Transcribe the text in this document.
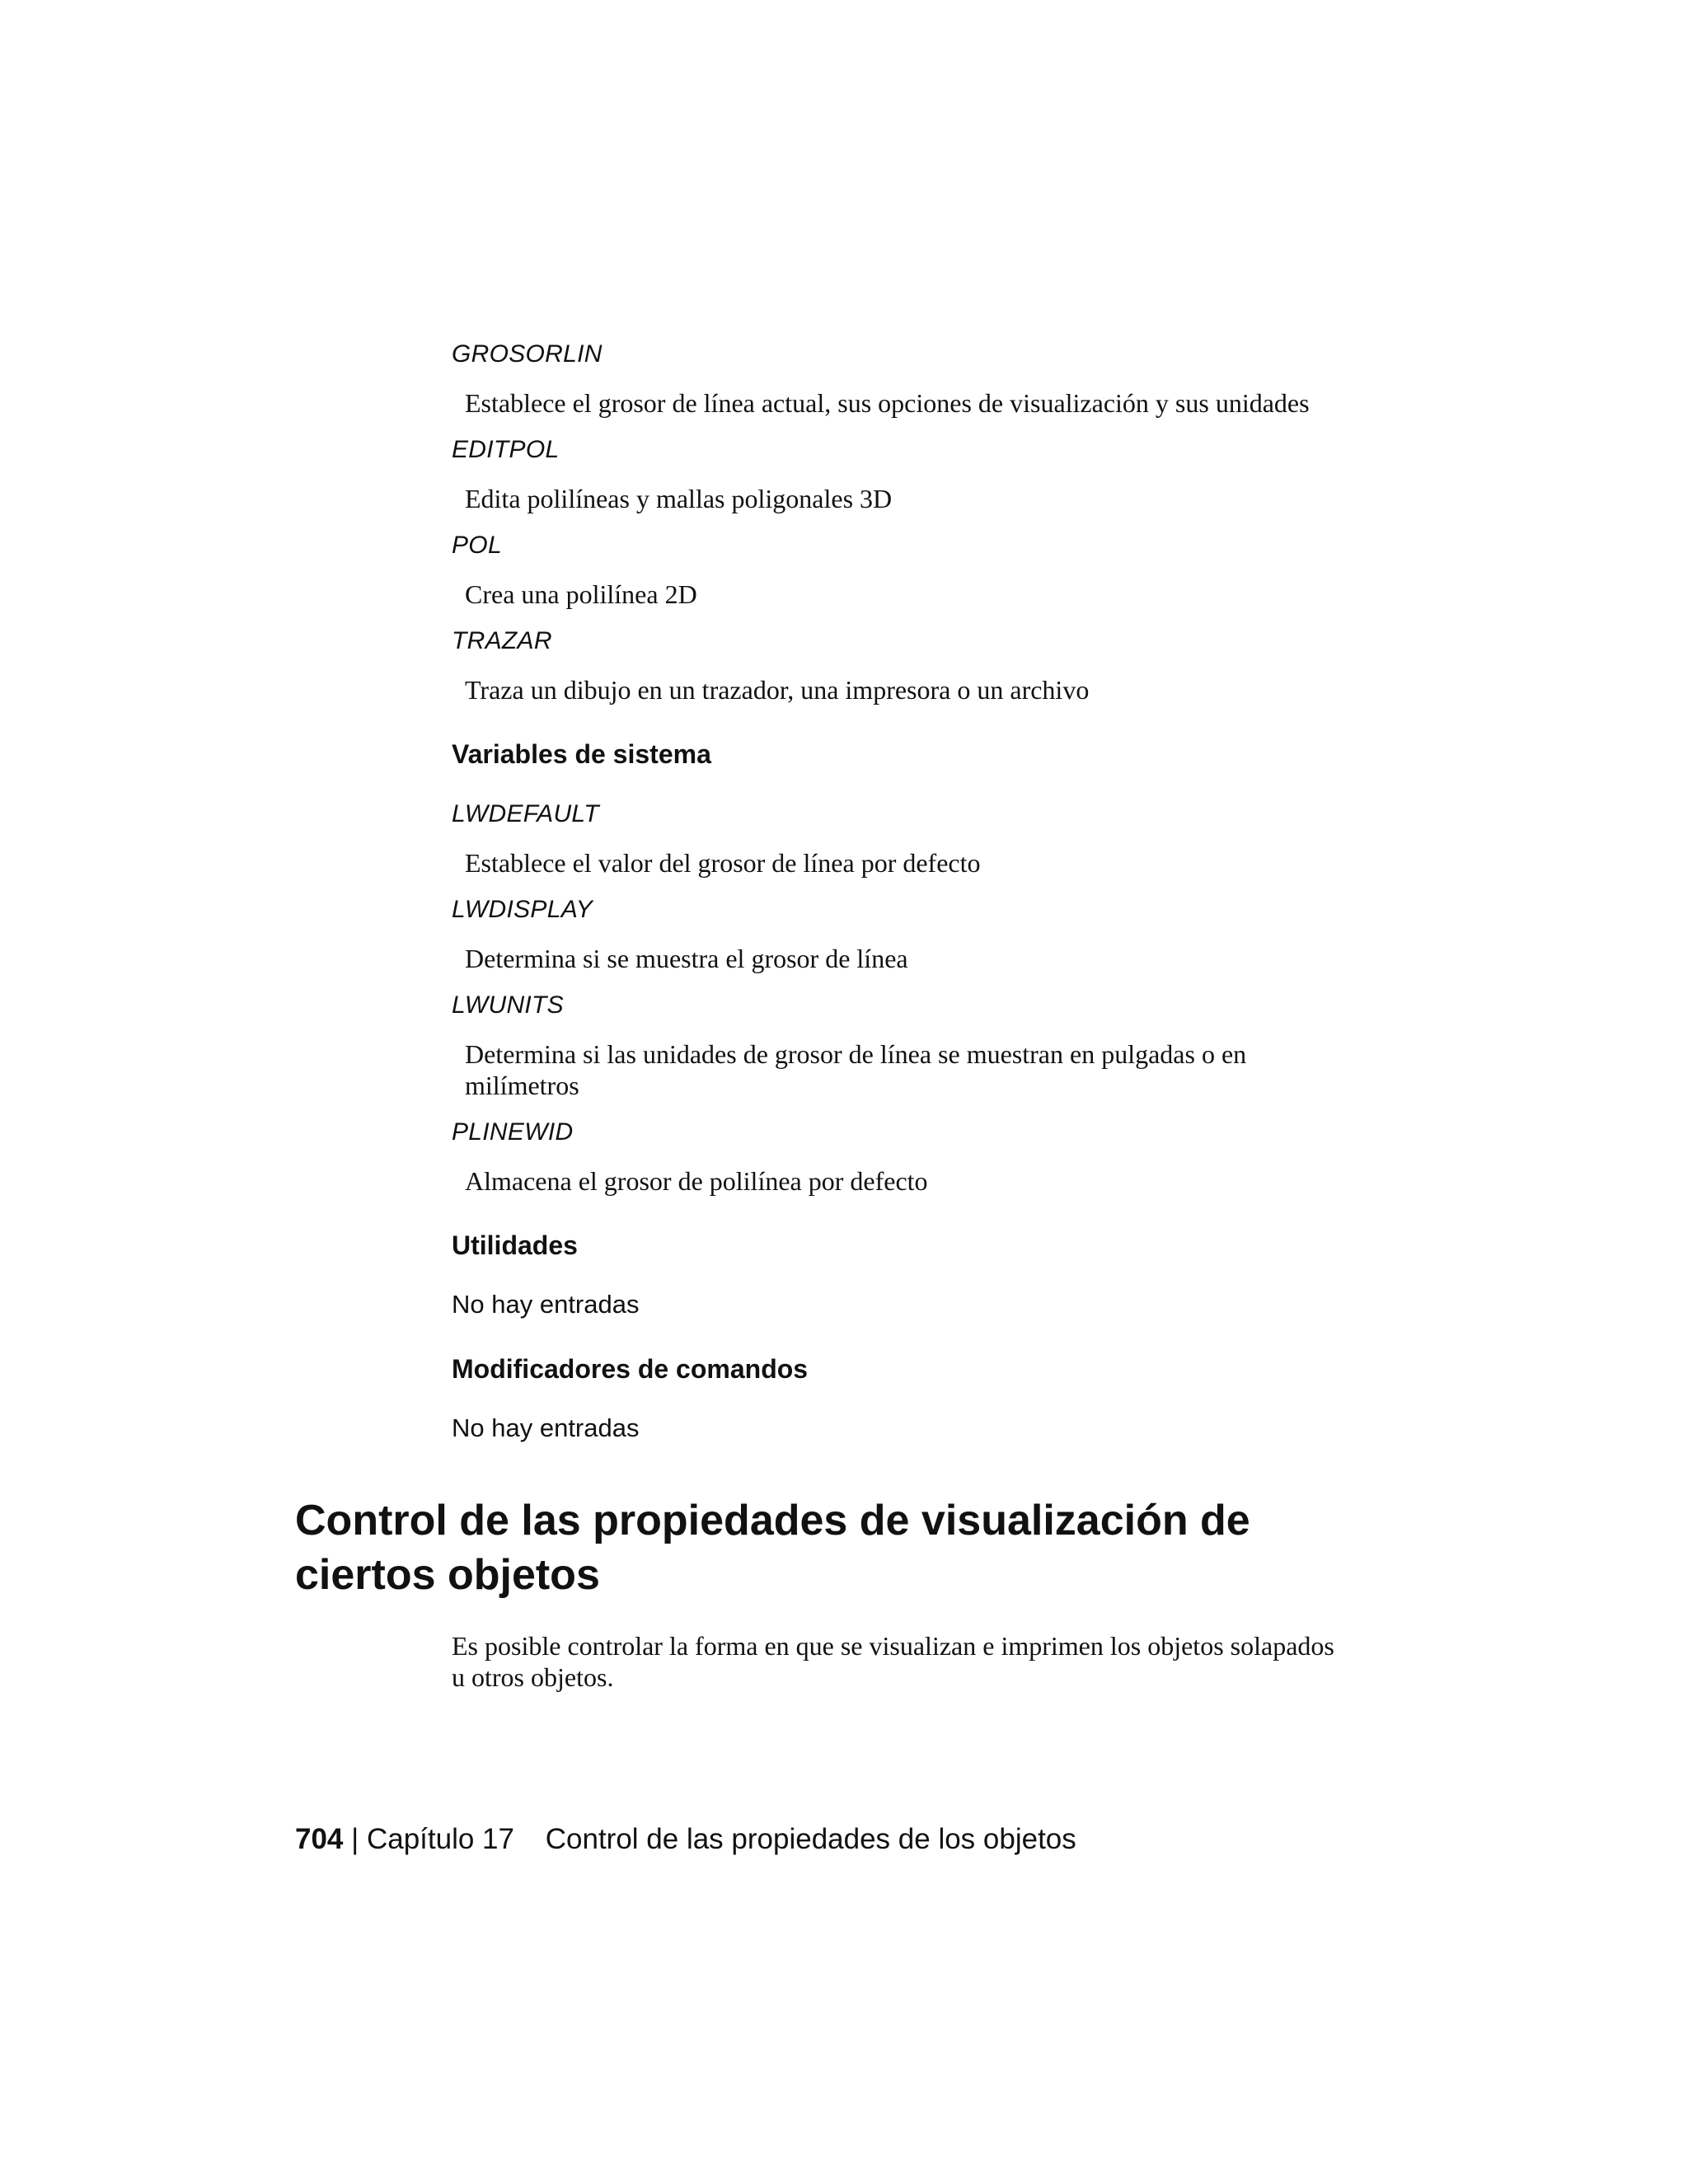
GROSORLIN
Establece el grosor de línea actual, sus opciones de visualización y sus unidades
EDITPOL
Edita polilíneas y mallas poligonales 3D
POL
Crea una polilínea 2D
TRAZAR
Traza un dibujo en un trazador, una impresora o un archivo
Variables de sistema
LWDEFAULT
Establece el valor del grosor de línea por defecto
LWDISPLAY
Determina si se muestra el grosor de línea
LWUNITS
Determina si las unidades de grosor de línea se muestran en pulgadas o en milímetros
PLINEWID
Almacena el grosor de polilínea por defecto
Utilidades
No hay entradas
Modificadores de comandos
No hay entradas
Control de las propiedades de visualización de ciertos objetos
Es posible controlar la forma en que se visualizan e imprimen los objetos solapados u otros objetos.
704 | Capítulo 17 Control de las propiedades de los objetos
